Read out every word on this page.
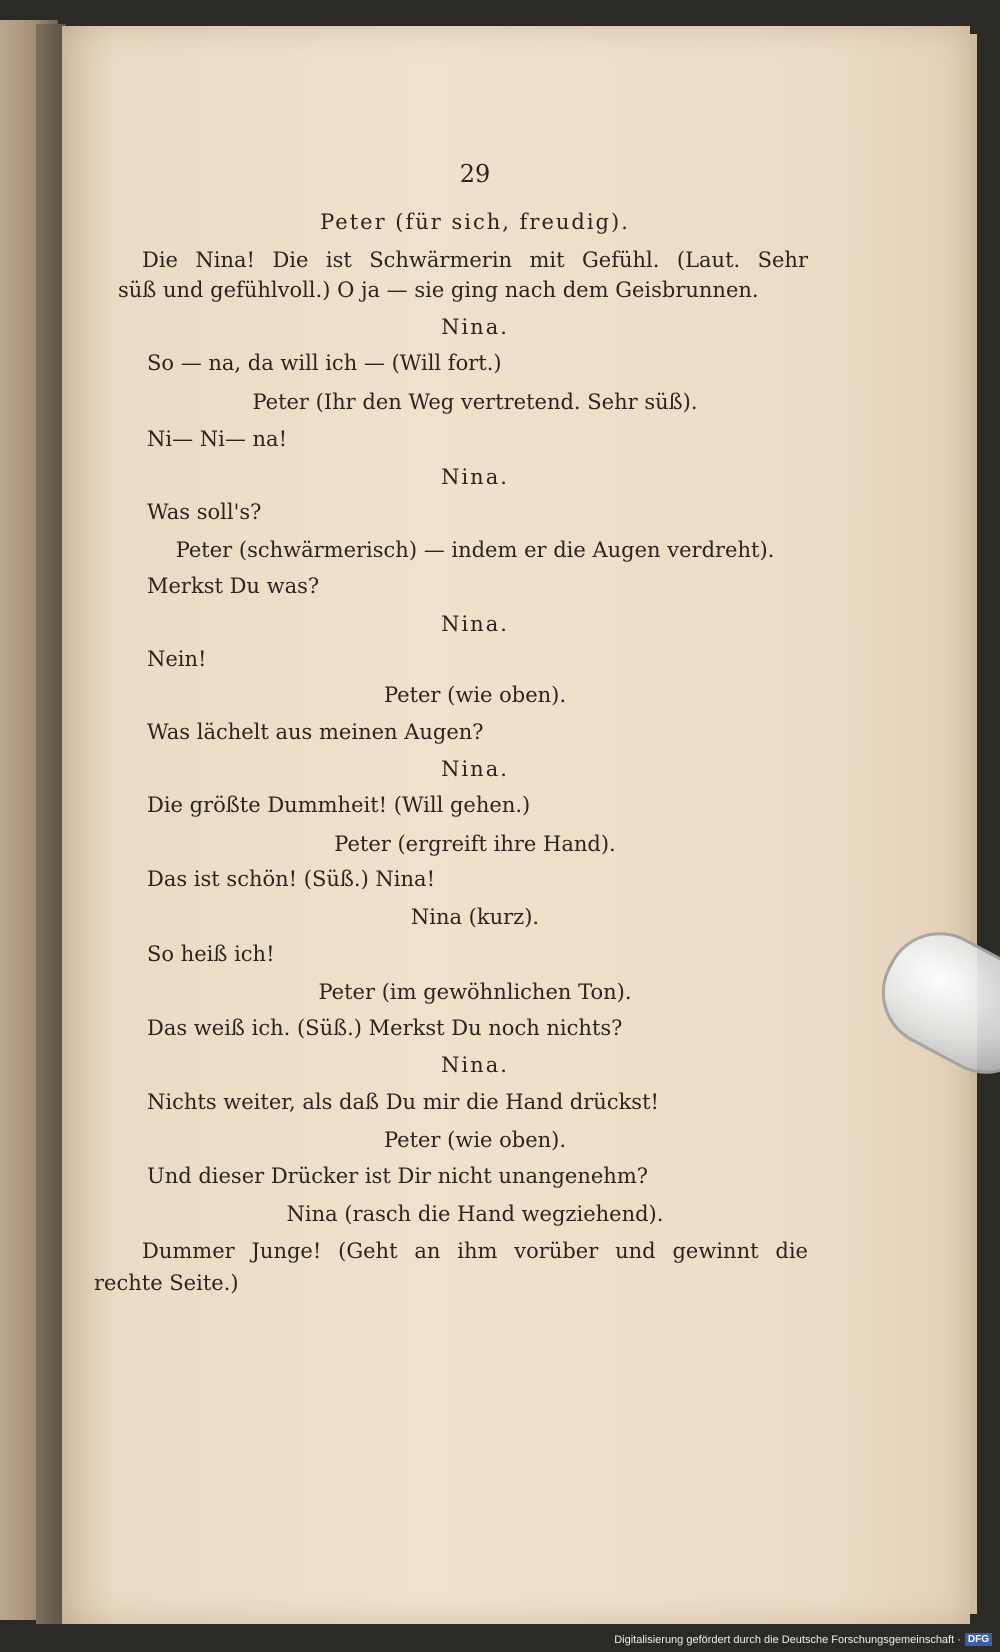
29
Peter (für sich, freudig).
Die Nina! Die ist Schwärmerin mit Gefühl. (Laut. Sehr
süß und gefühlvoll.) O ja — sie ging nach dem Geisbrunnen.
Nina.
So — na, da will ich — (Will fort.)
Peter (Ihr den Weg vertretend. Sehr süß).
Ni— Ni— na!
Nina.
Was soll's?
Peter (schwärmerisch) — indem er die Augen verdreht).
Merkst Du was?
Nina.
Nein!
Peter (wie oben).
Was lächelt aus meinen Augen?
Nina.
Die größte Dummheit! (Will gehen.)
Peter (ergreift ihre Hand).
Das ist schön! (Süß.) Nina!
Nina (kurz).
So heiß ich!
Peter (im gewöhnlichen Ton).
Das weiß ich. (Süß.) Merkst Du noch nichts?
Nina.
Nichts weiter, als daß Du mir die Hand drückst!
Peter (wie oben).
Und dieser Drücker ist Dir nicht unangenehm?
Nina (rasch die Hand wegziehend).
Dummer Junge! (Geht an ihm vorüber und gewinnt die
rechte Seite.)
Digitalisierung gefördert durch die Deutsche Forschungsgemeinschaft · DFG
